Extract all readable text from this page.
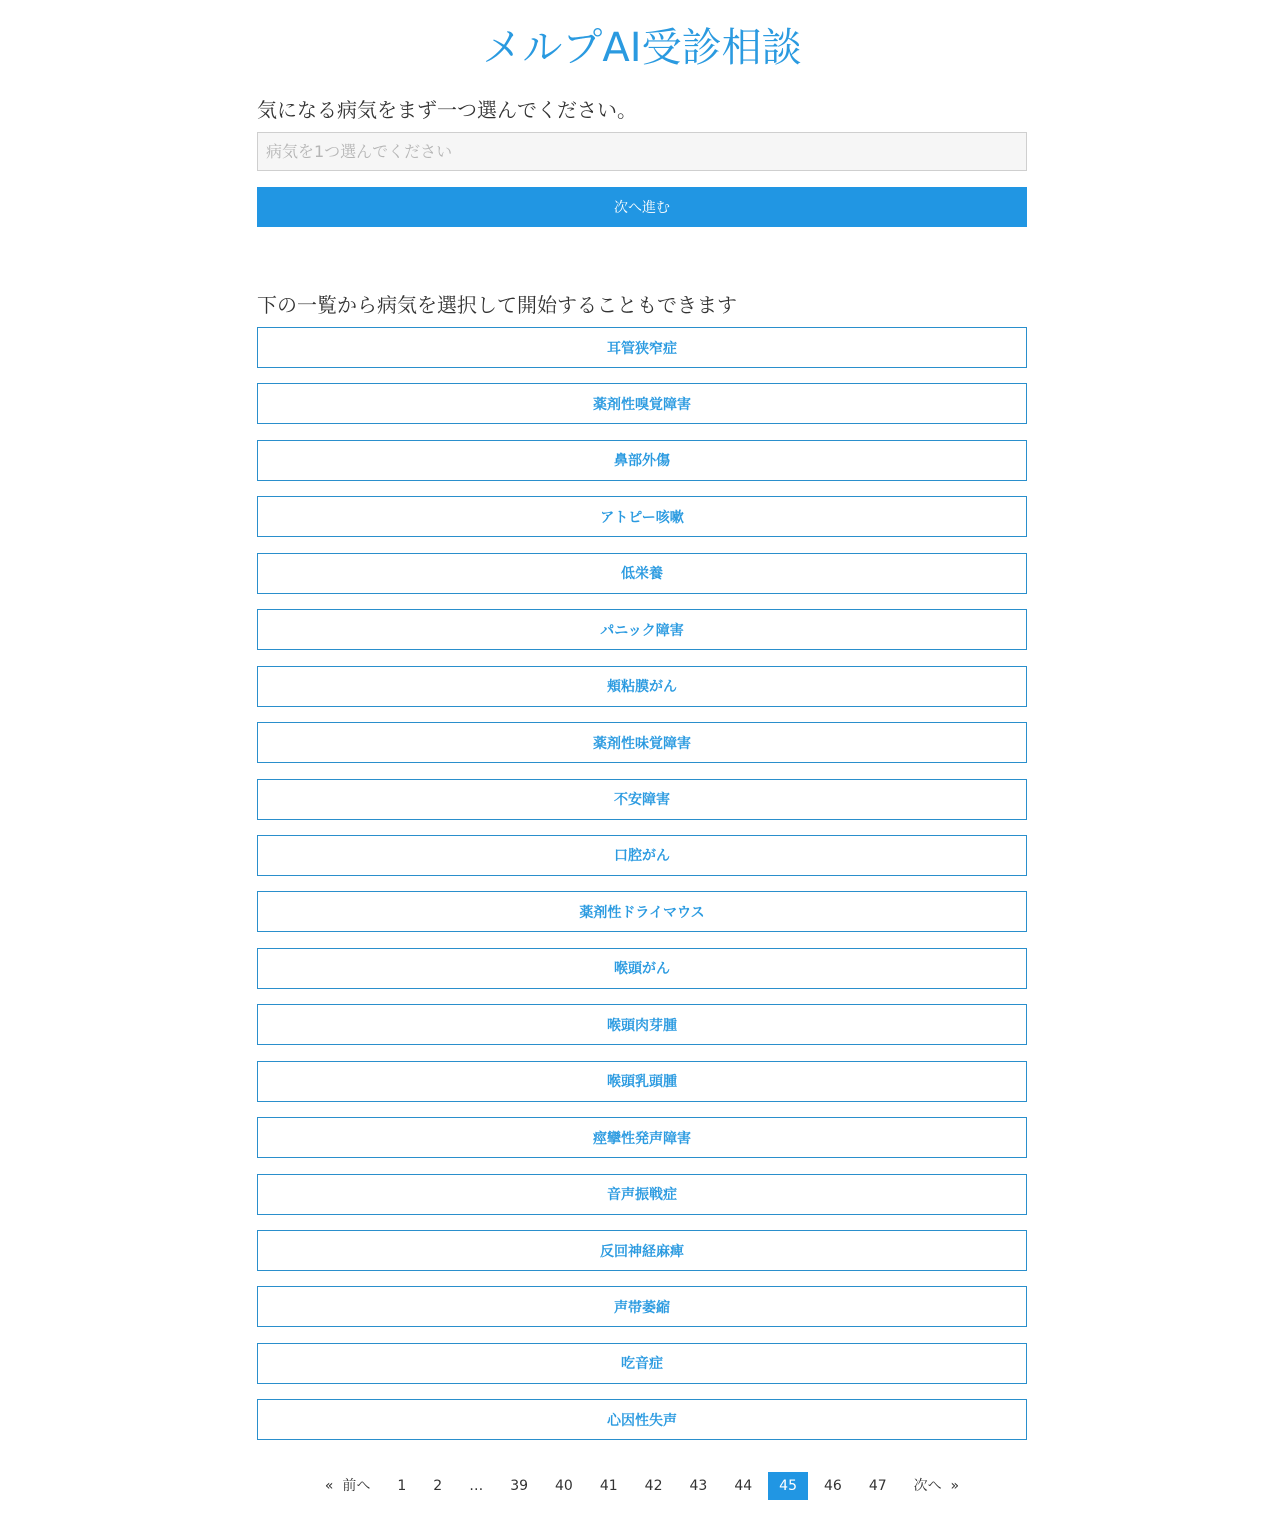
メルプAI受診相談
気になる病気をまず一つ選んでください。
病気を1つ選んでください
次へ進む
下の一覧から病気を選択して開始することもできます
耳管狭窄症
薬剤性嗅覚障害
鼻部外傷
アトピー咳嗽
低栄養
パニック障害
頬粘膜がん
薬剤性味覚障害
不安障害
口腔がん
薬剤性ドライマウス
喉頭がん
喉頭肉芽腫
喉頭乳頭腫
痙攣性発声障害
音声振戦症
反回神経麻痺
声帯萎縮
吃音症
心因性失声
«  前へ	1	2	…	39	40	41	42	43	44	45	46	47	次へ  »
